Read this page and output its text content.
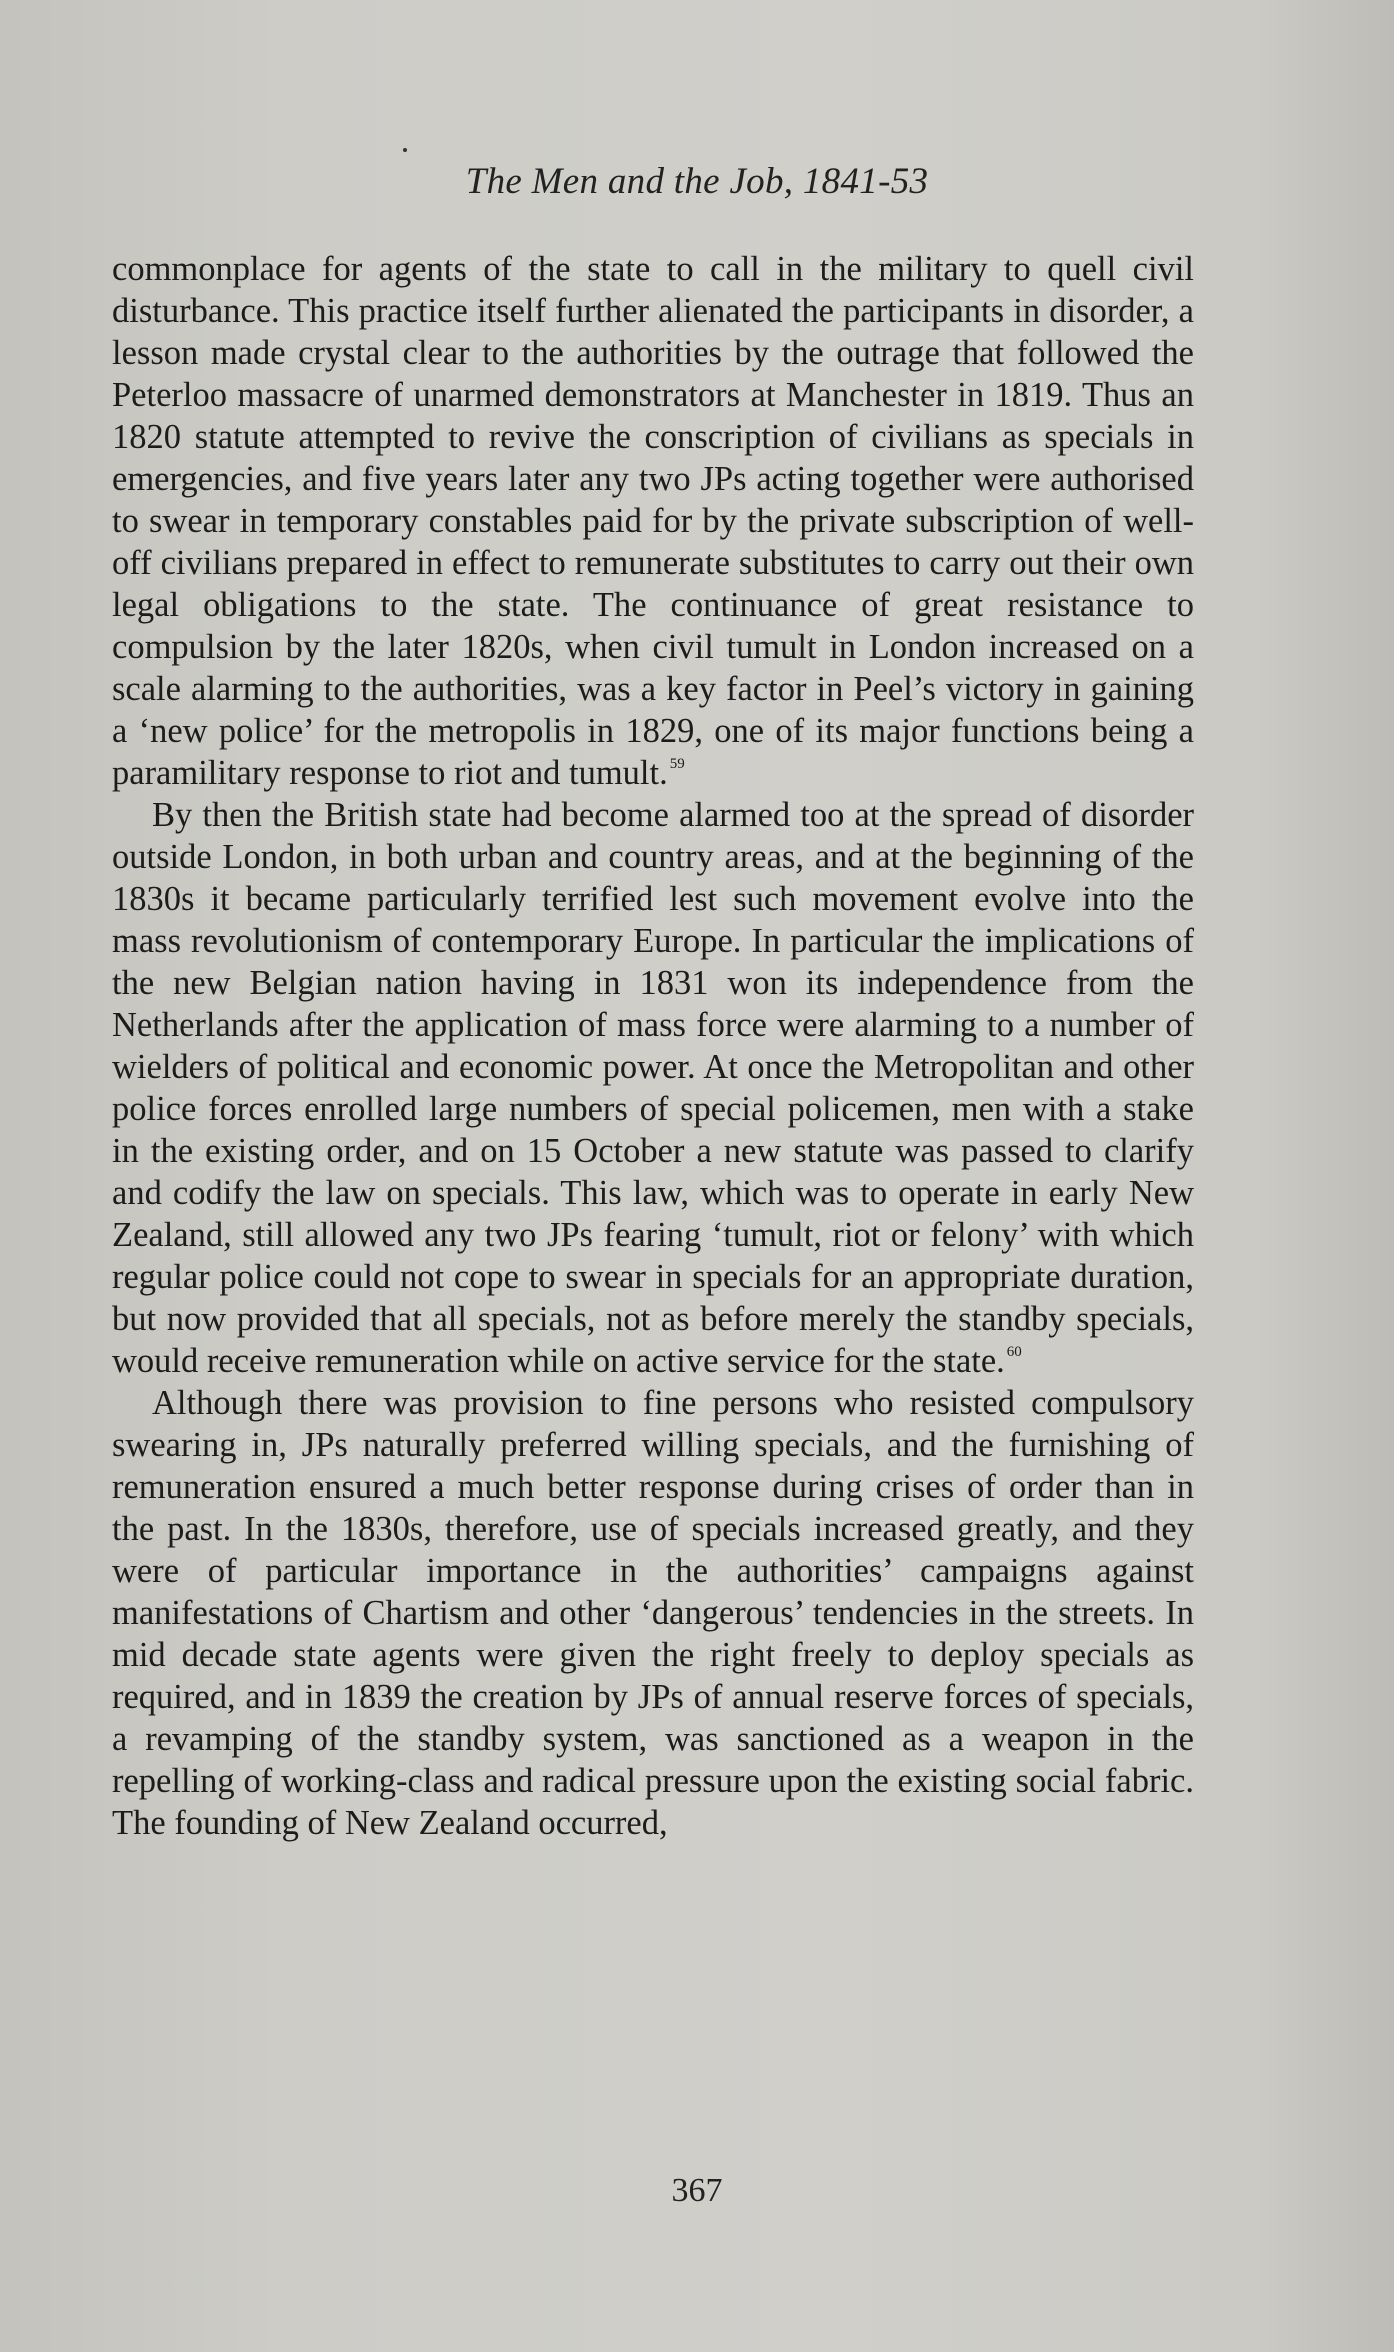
The Men and the Job, 1841-53

commonplace for agents of the state to call in the military to quell civil disturbance. This practice itself further alienated the participants in disorder, a lesson made crystal clear to the authorities by the outrage that followed the Peterloo massacre of unarmed demonstrators at Manchester in 1819. Thus an 1820 statute attempted to revive the conscription of civilians as specials in emergencies, and five years later any two JPs acting together were authorised to swear in temporary constables paid for by the private subscription of well-off civilians prepared in effect to remunerate substitutes to carry out their own legal obligations to the state. The continuance of great resistance to compulsion by the later 1820s, when civil tumult in London increased on a scale alarming to the authorities, was a key factor in Peel’s victory in gaining a ‘new police’ for the metropolis in 1829, one of its major functions being a paramilitary response to riot and tumult. $^{59}$

By then the British state had become alarmed too at the spread of disorder outside London, in both urban and country areas, and at the beginning of the 1830s it became particularly terrified lest such movement evolve into the mass revolutionism of contemporary Europe. In particular the implications of the new Belgian nation having in 1831 won its independence from the Netherlands after the application of mass force were alarming to a number of wielders of political and economic power. At once the Metropolitan and other police forces enrolled large numbers of special policemen, men with a stake in the existing order, and on 15 October a new statute was passed to clarify and codify the law on specials. This law, which was to operate in early New Zealand, still allowed any two JPs fearing ‘tumult, riot or felony’ with which regular police could not cope to swear in specials for an appropriate duration, but now provided that all specials, not as before merely the standby specials, would receive remuneration while on active service for the state. $^{60}$

Although there was provision to fine persons who resisted compulsory swearing in, JPs naturally preferred willing specials, and the furnishing of remuneration ensured a much better response during crises of order than in the past. In the 1830s, therefore, use of specials increased greatly, and they were of particular importance in the authorities’ campaigns against manifestations of Chartism and other ‘dangerous’ tendencies in the streets. In mid decade state agents were given the right freely to deploy specials as required, and in 1839 the creation by JPs of annual reserve forces of specials, a revamping of the standby system, was sanctioned as a weapon in the repelling of working-class and radical pressure upon the existing social fabric. The founding of New Zealand occurred,

367
